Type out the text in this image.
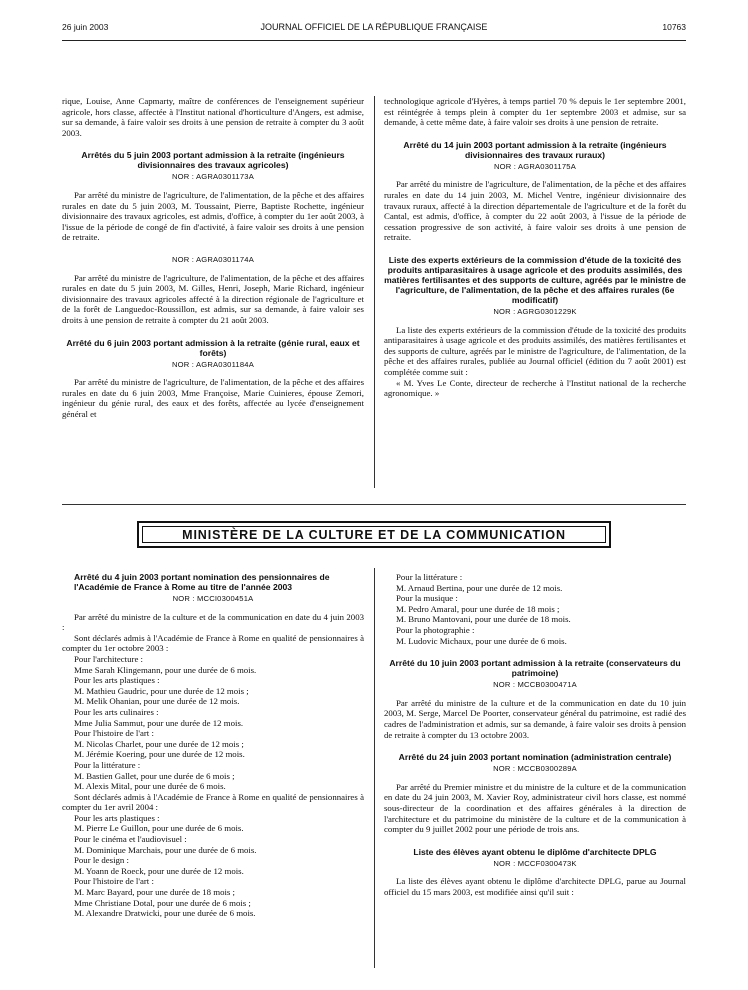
26 juin 2003	JOURNAL OFFICIEL DE LA RÉPUBLIQUE FRANÇAISE	10763

rique, Louise, Anne Capmarty, maître de conférences de l'enseignement supérieur agricole, hors classe, affectée à l'Institut national d'horticulture d'Angers, est admise, sur sa demande, à faire valoir ses droits à une pension de retraite à compter du 3 août 2003.

Arrêtés du 5 juin 2003 portant admission à la retraite (ingénieurs divisionnaires des travaux agricoles)
NOR : AGRA0301173A

Par arrêté du ministre de l'agriculture, de l'alimentation, de la pêche et des affaires rurales en date du 5 juin 2003, M. Toussaint, Pierre, Baptiste Rochette, ingénieur divisionnaire des travaux agricoles, est admis, d'office, à compter du 1er août 2003, à l'issue de la période de congé de fin d'activité, à faire valoir ses droits à une pension de retraite.

NOR : AGRA0301174A

Par arrêté du ministre de l'agriculture, de l'alimentation, de la pêche et des affaires rurales en date du 5 juin 2003, M. Gilles, Henri, Joseph, Marie Richard, ingénieur divisionnaire des travaux agricoles affecté à la direction régionale de l'agriculture et de la forêt de Languedoc-Roussillon, est admis, sur sa demande, à faire valoir ses droits à une pension de retraite à compter du 21 août 2003.

Arrêté du 6 juin 2003 portant admission à la retraite (génie rural, eaux et forêts)
NOR : AGRA0301184A

Par arrêté du ministre de l'agriculture, de l'alimentation, de la pêche et des affaires rurales en date du 6 juin 2003, Mme Françoise, Marie Cuinieres, épouse Zemori, ingénieur du génie rural, des eaux et des forêts, affectée au lycée d'enseignement général et

technologique agricole d'Hyères, à temps partiel 70 % depuis le 1er septembre 2001, est réintégrée à temps plein à compter du 1er septembre 2003 et admise, sur sa demande, à cette même date, à faire valoir ses droits à une pension de retraite.

Arrêté du 14 juin 2003 portant admission à la retraite (ingénieurs divisionnaires des travaux ruraux)
NOR : AGRA0301175A

Par arrêté du ministre de l'agriculture, de l'alimentation, de la pêche et des affaires rurales en date du 14 juin 2003, M. Michel Ventre, ingénieur divisionnaire des travaux ruraux, affecté à la direction départementale de l'agriculture et de la forêt du Cantal, est admis, d'office, à compter du 22 août 2003, à l'issue de la période de cessation progressive de son activité, à faire valoir ses droits à une pension de retraite.

Liste des experts extérieurs de la commission d'étude de la toxicité des produits antiparasitaires à usage agricole et des produits assimilés, des matières fertilisantes et des supports de culture, agréés par le ministre de l'agriculture, de l'alimentation, de la pêche et des affaires rurales (6e modificatif)
NOR : AGRG0301229K

La liste des experts extérieurs de la commission d'étude de la toxicité des produits antiparasitaires à usage agricole et des produits assimilés, des matières fertilisantes et des supports de culture, agréés par le ministre de l'agriculture, de l'alimentation, de la pêche et des affaires rurales, publiée au Journal officiel (édition du 7 août 2001) est complétée comme suit :

« M. Yves Le Conte, directeur de recherche à l'Institut national de la recherche agronomique. »

MINISTÈRE DE LA CULTURE ET DE LA COMMUNICATION
Arrêté du 4 juin 2003 portant nomination des pensionnaires de l'Académie de France à Rome au titre de l'année 2003
NOR : MCCI0300451A

Par arrêté du ministre de la culture et de la communication en date du 4 juin 2003 :

Sont déclarés admis à l'Académie de France à Rome en qualité de pensionnaires à compter du 1er octobre 2003 :

Pour l'architecture :

Mme Sarah Klingemann, pour une durée de 6 mois.

Pour les arts plastiques :

M. Mathieu Gaudric, pour une durée de 12 mois ;

M. Melik Ohanian, pour une durée de 12 mois.

Pour les arts culinaires :

Mme Julia Sammut, pour une durée de 12 mois.

Pour l'histoire de l'art :

M. Nicolas Charlet, pour une durée de 12 mois ;

M. Jérémie Koering, pour une durée de 12 mois.

Pour la littérature :

M. Bastien Gallet, pour une durée de 6 mois ;

M. Alexis Mital, pour une durée de 6 mois.

Sont déclarés admis à l'Académie de France à Rome en qualité de pensionnaires à compter du 1er avril 2004 :

Pour les arts plastiques :

M. Pierre Le Guillon, pour une durée de 6 mois.

Pour le cinéma et l'audiovisuel :

M. Dominique Marchais, pour une durée de 6 mois.

Pour le design :

M. Yoann de Roeck, pour une durée de 12 mois.

Pour l'histoire de l'art :

M. Marc Bayard, pour une durée de 18 mois ;

Mme Christiane Dotal, pour une durée de 6 mois ;

M. Alexandre Dratwicki, pour une durée de 6 mois.

Pour la littérature :

M. Arnaud Bertina, pour une durée de 12 mois.

Pour la musique :

M. Pedro Amaral, pour une durée de 18 mois ;

M. Bruno Mantovani, pour une durée de 18 mois.

Pour la photographie :

M. Ludovic Michaux, pour une durée de 6 mois.

Arrêté du 10 juin 2003 portant admission à la retraite (conservateurs du patrimoine)
NOR : MCCB0300471A

Par arrêté du ministre de la culture et de la communication en date du 10 juin 2003, M. Serge, Marcel De Poorter, conservateur général du patrimoine, est radié des cadres de l'administration et admis, sur sa demande, à faire valoir ses droits à pension de retraite à compter du 13 octobre 2003.

Arrêté du 24 juin 2003 portant nomination (administration centrale)
NOR : MCCB0300289A

Par arrêté du Premier ministre et du ministre de la culture et de la communication en date du 24 juin 2003, M. Xavier Roy, administrateur civil hors classe, est nommé sous-directeur de la coordination et des affaires générales à la direction de l'architecture et du patrimoine du ministère de la culture et de la communication à compter du 9 juillet 2002 pour une période de trois ans.

Liste des élèves ayant obtenu le diplôme d'architecte DPLG
NOR : MCCF0300473K

La liste des élèves ayant obtenu le diplôme d'architecte DPLG, parue au Journal officiel du 15 mars 2003, est modifiée ainsi qu'il suit :
